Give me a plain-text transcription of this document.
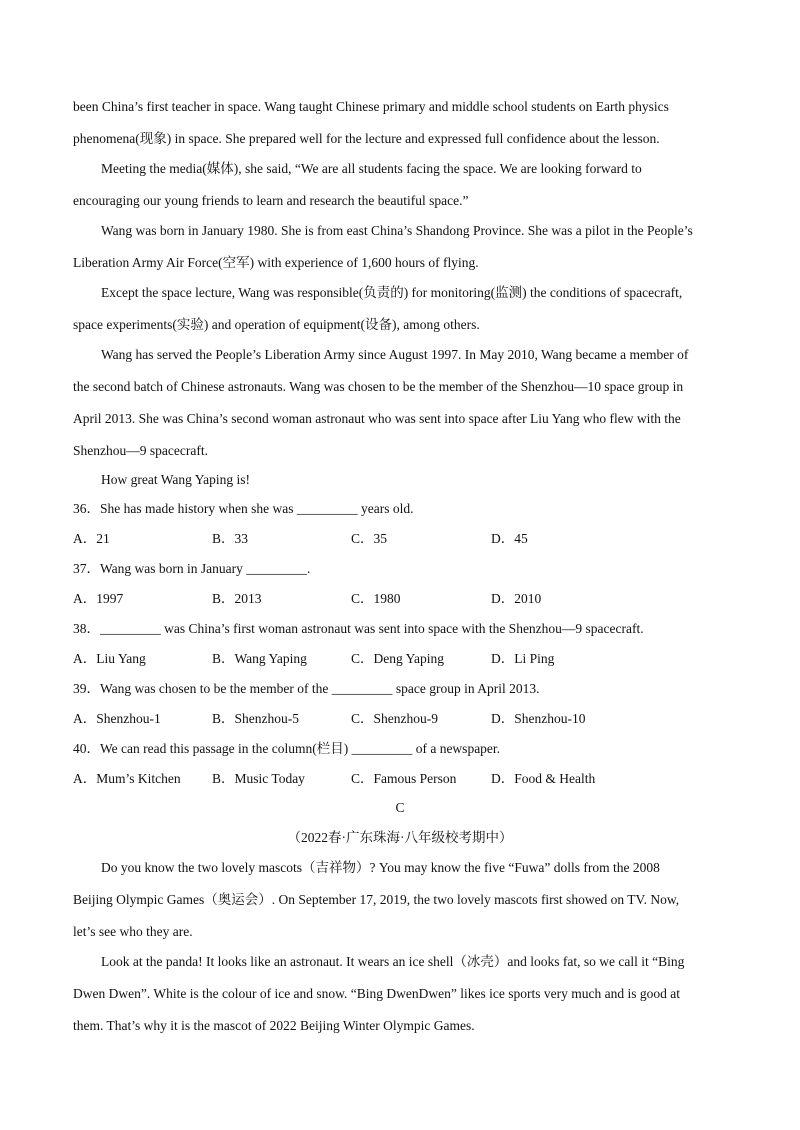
been China’s first teacher in space. Wang taught Chinese primary and middle school students on Earth physics
phenomena(现象) in space. She prepared well for the lecture and expressed full confidence about the lesson.
Meeting the media(媒体), she said, “We are all students facing the space. We are looking forward to
encouraging our young friends to learn and research the beautiful space.”
Wang was born in January 1980. She is from east China’s Shandong Province. She was a pilot in the People’s
Liberation Army Air Force(空军) with experience of 1,600 hours of flying.
Except the space lecture, Wang was responsible(负责的) for monitoring(监测) the conditions of spacecraft,
space experiments(实验) and operation of equipment(设备), among others.
Wang has served the People’s Liberation Army since August 1997. In May 2010, Wang became a member of
the second batch of Chinese astronauts. Wang was chosen to be the member of the Shenzhou—10 space group in
April 2013. She was China’s second woman astronaut who was sent into space after Liu Yang who flew with the
Shenzhou—9 spacecraft.
How great Wang Yaping is!
36．She has made history when she was _________ years old.
A．21	B．33	C．35	D．45
37．Wang was born in January _________.
A．1997	B．2013	C．1980	D．2010
38．_________ was China’s first woman astronaut was sent into space with the Shenzhou—9 spacecraft.
A．Liu Yang	B．Wang Yaping	C．Deng Yaping	D．Li Ping
39．Wang was chosen to be the member of the _________ space group in April 2013.
A．Shenzhou-1	B．Shenzhou-5	C．Shenzhou-9	D．Shenzhou-10
40．We can read this passage in the column(栏目) _________ of a newspaper.
A．Mum’s Kitchen B．Music Today	C．Famous Person	D．Food & Health
C
（2022春·广东珠海·八年级校考期中）
Do you know the two lovely mascots（吉祥物）? You may know the five “Fuwa” dolls from the 2008
Beijing Olympic Games（奥运会）. On September 17, 2019, the two lovely mascots first showed on TV. Now,
let’s see who they are.
Look at the panda! It looks like an astronaut. It wears an ice shell（冰壳）and looks fat, so we call it “Bing
Dwen Dwen”. White is the colour of ice and snow. “Bing DwenDwen” likes ice sports very much and is good at
them. That’s why it is the mascot of 2022 Beijing Winter Olympic Games.
